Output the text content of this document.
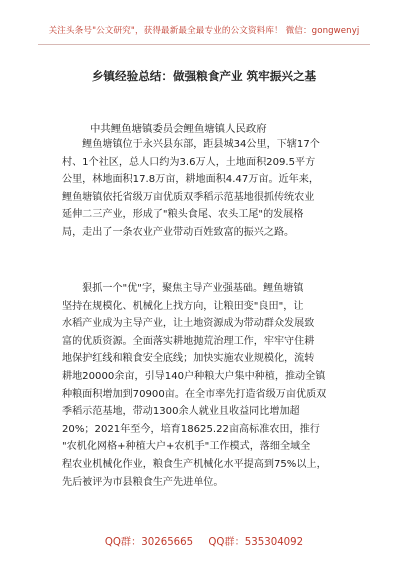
关注头条号"公文研究"，获得最新最全最专业的公文资料库！ 微信：gongwenyj
乡镇经验总结：做强粮食产业 筑牢振兴之基
中共鲤鱼塘镇委员会鲤鱼塘镇人民政府
　　鲤鱼塘镇位于永兴县东部，距县城34公里，下辖17个
村、1个社区，总人口约为3.6万人，土地面积209.5平方
公里，林地面积17.8万亩，耕地面积4.47万亩。近年来，
鲤鱼塘镇依托省级万亩优质双季稻示范基地很抓传统农业
延伸二三产业，形成了"粮头食尾、农头工尾"的发展格
局，走出了一条农业产业带动百姓致富的振兴之路。
　　狠抓一个"优"字，聚焦主导产业强基础。鲤鱼塘镇
坚持在规模化、机械化上找方向，让粮田变"良田"，让
水稻产业成为主导产业，让土地资源成为带动群众发展致
富的优质资源。全面落实耕地抛荒治理工作，牢牢守住耕
地保护红线和粮食安全底线；加快实施农业规模化，流转
耕地20000余亩，引导140户种粮大户集中种植，推动全镇
种粮面积增加到70900亩。在全市率先打造省级万亩优质双
季稻示范基地，带动1300余人就业且收益同比增加超
20%；2021年至今，培育18625.22亩高标准农田，推行
"农机化网格+种植大户+农机手"工作模式，落细全域全
程农业机械化作业，粮食生产机械化水平提高到75%以上，
先后被评为市县粮食生产先进单位。
QQ群：30265665 QQ群：535304092
